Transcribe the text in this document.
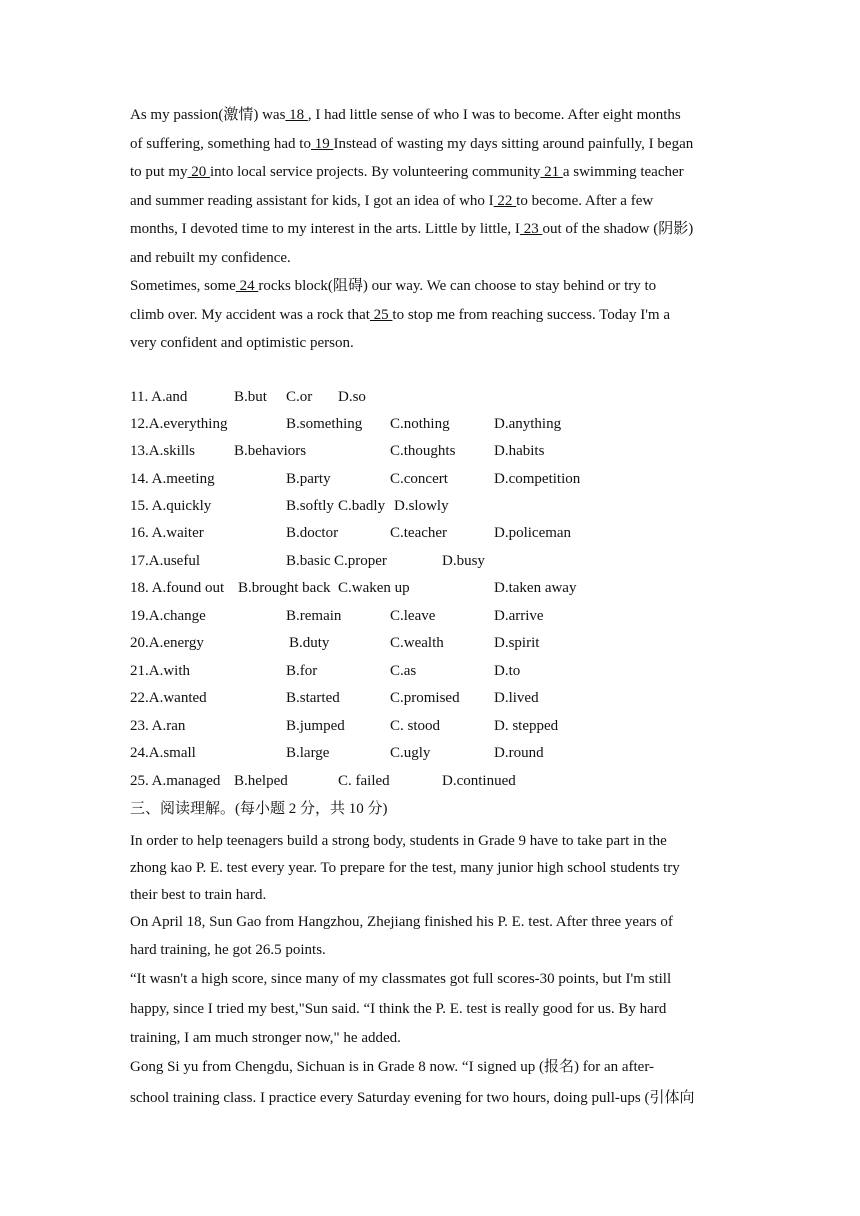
As my passion(激情) was 18 , I had little sense of who I was to become. After eight months
of suffering, something had to 19 Instead of wasting my days sitting around painfully, I began
to put my 20 into local service projects. By volunteering community 21 a swimming teacher
and summer reading assistant for kids, I got an idea of who I 22 to become. After a few
months, I devoted time to my interest in the arts. Little by little, I 23 out of the shadow (阴影)
and rebuilt my confidence.
Sometimes, some 24 rocks block(阻碍) our way. We can choose to stay behind or try to
climb over. My accident was a rock that 25 to stop me from reaching success. Today I'm a
very confident and optimistic person.
11. A.and	B.but C.or D.so
12.A.everything	B.something C.nothing	D.anything
13.A.skills	B.behaviors	C.thoughts	D.habits
14. A.meeting	B.party	C.concert	D.competition
15. A.quickly	B.softly C.badly D.slowly
16. A.waiter	B.doctor	C.teacher	D.policeman
17.A.useful	B.basic C.proper	D.busy
18. A.found out B.brought back C.waken up	D.taken away
19.A.change	B.remain	C.leave	D.arrive
20.A.energy	B.duty	C.wealth	D.spirit
21.A.with	B.for	C.as	D.to
22.A.wanted	B.started	C.promised D.lived
23. A.ran	B.jumped	C. stood	D. stepped
24.A.small	B.large	C.ugly	D.round
25. A.managed B.helped	C. failed	D.continued
三、阅读理解。(每小题 2 分，共 10 分)
In order to help teenagers build a strong body, students in Grade 9 have to take part in the
zhong kao P. E. test every year. To prepare for the test, many junior high school students try
their best to train hard.
On April 18, Sun Gao from Hangzhou, Zhejiang finished his P. E. test. After three years of
hard training, he got 26.5 points.
“It wasn't a high score, since many of my classmates got full scores-30 points, but I'm still
happy, since I tried my best,"Sun said. “I think the P. E. test is really good for us. By hard
training, I am much stronger now," he added.
Gong Si yu from Chengdu, Sichuan is in Grade 8 now. “I signed up (报名) for an after-
school training class. I practice every Saturday evening for two hours, doing pull-ups (引体向
